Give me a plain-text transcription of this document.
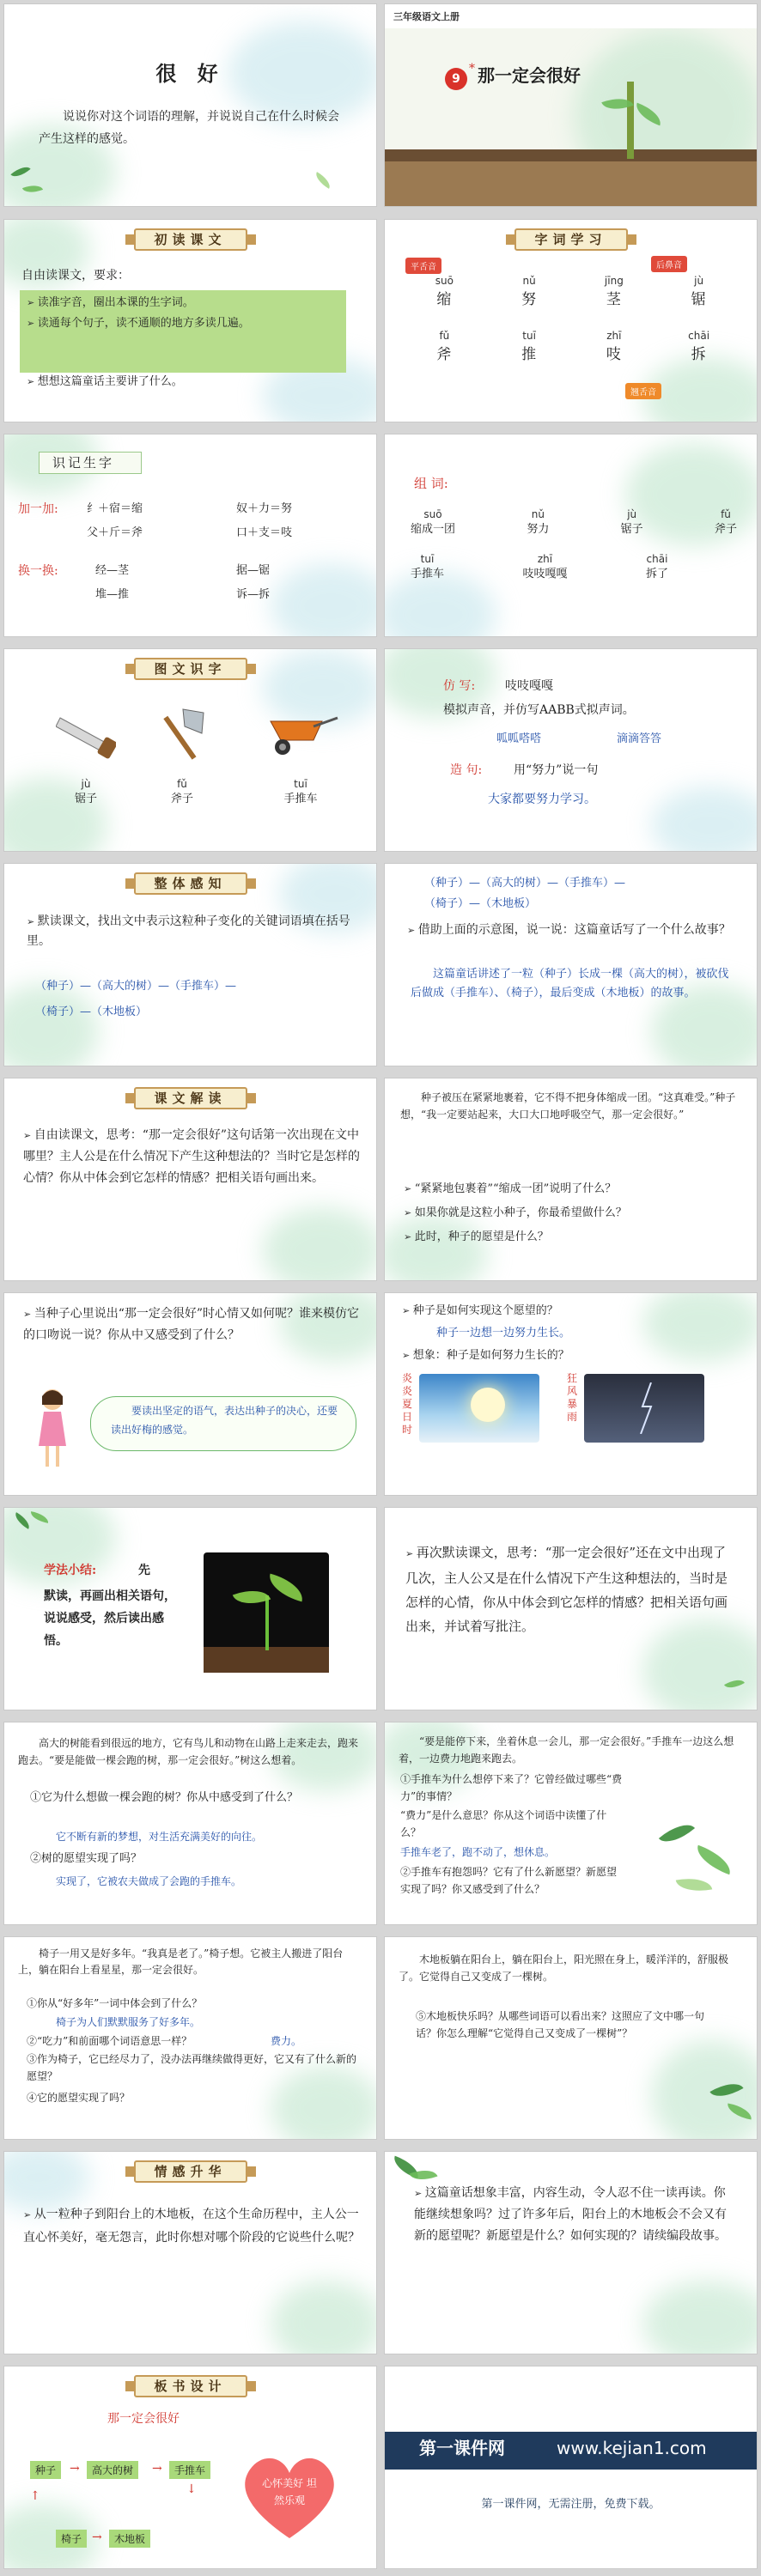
很 好
说说你对这个词语的理解，并说说自己在什么时候会产生这样的感觉。
三年级语文上册
9
* 那一定会很好
初读课文
自由读课文，要求：
➢ 读准字音，圈出本课的生字词。
➢ 读通每个句子，读不通顺的地方多读几遍。
➢ 想想这篇童话主要讲了什么。
字词学习
平舌音	后鼻音
翘舌音
suō
缩
nǔ
努
jīng
茎
jù
锯
fǔ
斧
tuī
推
zhī
吱
chāi
拆
识记生字
加一加:	纟＋宿＝缩	奴＋力＝努
父＋斤＝斧	口＋支＝吱
换一换:	经—茎	据—锯
堆—推	诉—拆
组 词:
suō
缩成一团
nǔ
努力
jù
锯子
fǔ
斧子
tuī
手推车
zhī
吱吱嘎嘎
chāi
拆了
图文识字
jù
锯子
fǔ
斧子
tuī
手推车
仿 写: 吱吱嘎嘎
模拟声音，并仿写AABB式拟声词。
呱呱嗒嗒	滴滴答答
造 句:	用“努力”说一句
大家都要努力学习。
整体感知
➢ 默读课文，找出文中表示这粒种子变化的关键词语填在括号里。
（种子）—（高大的树）—（手推车）—
（椅子）—（木地板）
（种子）—（高大的树）—（手推车）—
（椅子）—（木地板）
➢ 借助上面的示意图，说一说：这篇童话写了一个什么故事？
这篇童话讲述了一粒（种子）长成一棵（高大的树），被砍伐后做成（手推车）、（椅子），最后变成（木地板）的故事。
课文解读
➢ 自由读课文，思考：“那一定会很好”这句话第一次出现在文中哪里？主人公是在什么情况下产生这种想法的？当时它是怎样的心情？你从中体会到它怎样的情感？把相关语句画出来。
种子被压在紧紧地裹着，它不得不把身体缩成一团。“这真难受。”种子想，“我一定要站起来，大口大口地呼吸空气，那一定会很好。”
➢ “紧紧地包裹着”“缩成一团”说明了什么？
➢ 如果你就是这粒小种子，你最希望做什么？
➢ 此时，种子的愿望是什么？
➢ 当种子心里说出“那一定会很好”时心情又如何呢？谁来模仿它的口吻说一说？你从中又感受到了什么？
要读出坚定的语气，表达出种子的决心，还要读出好梅的感觉。
➢ 种子是如何实现这个愿望的？
种子一边想一边努力生长。
➢ 想象：种子是如何努力生长的？
炎炎夏日时
狂风暴雨
学法小结:	先
默读，再画出相关语句，说说感受，然后读出感悟。
➢ 再次默读课文，思考：“那一定会很好”还在文中出现了几次，主人公又是在什么情况下产生这种想法的，当时是怎样的心情，你从中体会到它怎样的情感？把相关语句画出来，并试着写批注。
高大的树能看到很远的地方，它有鸟儿和动物在山路上走来走去，跑来跑去。“要是能做一棵会跑的树，那一定会很好。”树这么想着。
①它为什么想做一棵会跑的树？你从中感受到了什么？
它不断有新的梦想，对生活充满美好的向往。
②树的愿望实现了吗？
实现了，它被农夫做成了会跑的手推车。
“要是能停下来，坐着休息一会儿，那一定会很好。”手推车一边这么想着，一边费力地跑来跑去。
①手推车为什么想停下来了？它曾经做过哪些“费力”的事情？
“费力”是什么意思？你从这个词语中读懂了什么？
手推车老了，跑不动了，想休息。
②手推车有抱怨吗？它有了什么新愿望？新愿望实现了吗？你又感受到了什么？
椅子一用又是好多年。“我真是老了。”椅子想。它被主人搬进了阳台上，躺在阳台上看星星，那一定会很好。
①你从“好多年”一词中体会到了什么？
椅子为人们默默服务了好多年。
②“吃力”和前面哪个词语意思一样？	费力。
③作为椅子，它已经尽力了，没办法再继续做得更好，它又有了什么新的愿望？
④它的愿望实现了吗？
木地板躺在阳台上，躺在阳台上，阳光照在身上，暖洋洋的，舒服极了。它觉得自己又变成了一棵树。
⑤木地板快乐吗？从哪些词语可以看出来？这照应了文中哪一句话？你怎么理解“它觉得自己又变成了一棵树”？
情感升华
➢ 从一粒种子到阳台上的木地板，在这个生命历程中，主人公一直心怀美好，毫无怨言，此时你想对哪个阶段的它说些什么呢？
➢ 这篇童话想象丰富，内容生动，令人忍不住一读再读。你能继续想象吗？过了许多年后，阳台上的木地板会不会又有新的愿望呢？新愿望是什么？如何实现的？请续编段故事。
板书设计
那一定会很好
种子	→	高大的树	→	手推车
↓
椅子 →	木地板
↑
心怀美好 坦然乐观
第一课件网	www.kejian1.com
第一课件网，无需注册，免费下载。
